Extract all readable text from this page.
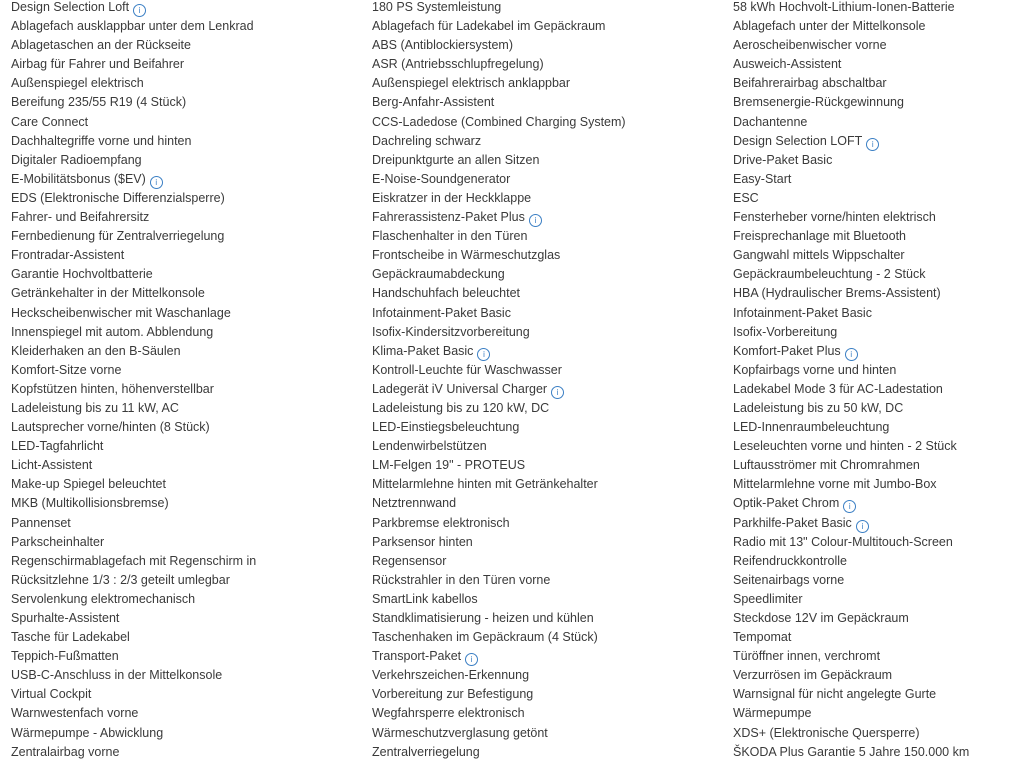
Design Selection Loft i
Ablagefach ausklappbar unter dem Lenkrad
Ablagetaschen an der Rückseite
Airbag für Fahrer und Beifahrer
Außenspiegel elektrisch
Bereifung 235/55 R19 (4 Stück)
Care Connect
Dachhaltegriffe vorne und hinten
Digitaler Radioempfang
E-Mobilitätsbonus ($EV) i
EDS (Elektronische Differenzialsperre)
Fahrer- und Beifahrersitz
Fernbedienung für Zentralverriegelung
Frontradar-Assistent
Garantie Hochvoltbatterie
Getränkehalter in der Mittelkonsole
Heckscheibenwischer mit Waschanlage
Innenspiegel mit autom. Abblendung
Kleiderhaken an den B-Säulen
Komfort-Sitze vorne
Kopfstützen hinten, höhenverstellbar
Ladeleistung bis zu 11 kW, AC
Lautsprecher vorne/hinten (8 Stück)
LED-Tagfahrlicht
Licht-Assistent
Make-up Spiegel beleuchtet
MKB (Multikollisionsbremse)
Pannenset
Parkscheinhalter
Regenschirmablagefach mit Regenschirm in
Rücksitzlehne 1/3 : 2/3 geteilt umlegbar
Servolenkung elektromechanisch
Spurhalte-Assistent
Tasche für Ladekabel
Teppich-Fußmatten
USB-C-Anschluss in der Mittelkonsole
Virtual Cockpit
Warnwestenfach vorne
Wärmepumpe - Abwicklung
Zentralairbag vorne
180 PS Systemleistung
Ablagefach für Ladekabel im Gepäckraum
ABS (Antiblockiersystem)
ASR (Antriebsschlupfregelung)
Außenspiegel elektrisch anklappbar
Berg-Anfahr-Assistent
CCS-Ladedose (Combined Charging System)
Dachreling schwarz
Dreipunktgurte an allen Sitzen
E-Noise-Soundgenerator
Eiskratzer in der Heckklappe
Fahrerassistenz-Paket Plus i
Flaschenhalter in den Türen
Frontscheibe in Wärmeschutzglas
Gepäckraumabdeckung
Handschuhfach beleuchtet
Infotainment-Paket Basic
Isofix-Kindersitzvorbereitung
Klima-Paket Basic i
Kontroll-Leuchte für Waschwasser
Ladegerät iV Universal Charger i
Ladeleistung bis zu 120 kW, DC
LED-Einstiegsbeleuchtung
Lendenwirbelstützen
LM-Felgen 19" - PROTEUS
Mittelarmlehne hinten mit Getränkehalter
Netztrennwand
Parkbremse elektronisch
Parksensor hinten
Regensensor
Rückstrahler in den Türen vorne
SmartLink kabellos
Standklimatisierung - heizen und kühlen
Taschenhaken im Gepäckraum (4 Stück)
Transport-Paket i
Verkehrszeichen-Erkennung
Vorbereitung zur Befestigung
Wegfahrsperre elektronisch
Wärmeschutzverglasung getönt
Zentralverriegelung
58 kWh Hochvolt-Lithium-Ionen-Batterie
Ablagefach unter der Mittelkonsole
Aeroscheibenwischer vorne
Ausweich-Assistent
Beifahrerairbag abschaltbar
Bremsenergie-Rückgewinnung
Dachantenne
Design Selection LOFT i
Drive-Paket Basic
Easy-Start
ESC
Fensterheber vorne/hinten elektrisch
Freisprechanlage mit Bluetooth
Gangwahl mittels Wippschalter
Gepäckraumbeleuchtung - 2 Stück
HBA (Hydraulischer Brems-Assistent)
Infotainment-Paket Basic
Isofix-Vorbereitung
Komfort-Paket Plus i
Kopfairbags vorne und hinten
Ladekabel Mode 3 für AC-Ladestation
Ladeleistung bis zu 50 kW, DC
LED-Innenraumbeleuchtung
Leseleuchten vorne und hinten - 2 Stück
Luftausströmer mit Chromrahmen
Mittelarmlehne vorne mit Jumbo-Box
Optik-Paket Chrom i
Parkhilfe-Paket Basic i
Radio mit 13" Colour-Multitouch-Screen
Reifendruckkontrolle
Seitenairbags vorne
Speedlimiter
Steckdose 12V im Gepäckraum
Tempomat
Türöffner innen, verchromt
Verzurrösen im Gepäckraum
Warnsignal für nicht angelegte Gurte
Wärmepumpe
XDS+ (Elektronische Quersperre)
ŠKODA Plus Garantie 5 Jahre 150.000 km
